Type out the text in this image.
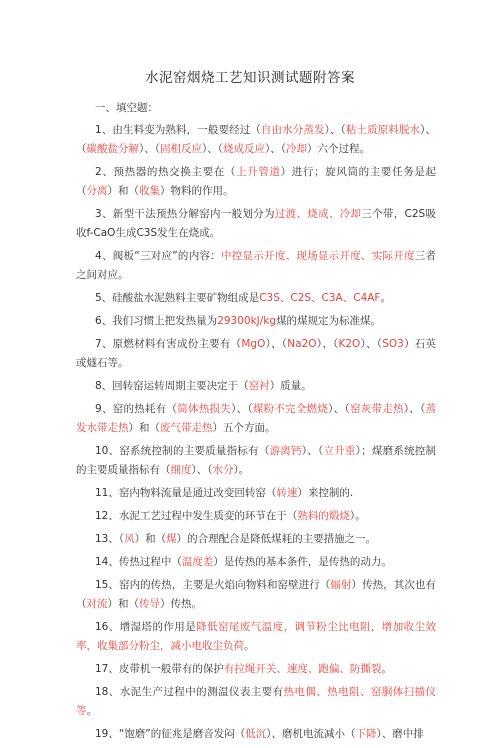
水泥窑烟烧工艺知识测试题附答案
一、填空题：

1、由生料变为熟料，一般要经过（自由水分蒸发）、（粘土质原料脱水）、（碳酸盐分解）、（固相反应）、（烧成反应）、（冷却）六个过程。

2、预热器的热交换主要在（上升管道）进行；旋风筒的主要任务是起（分离）和（收集）物料的作用。

3、新型干法预热分解窑内一般划分为过渡、烧成、冷却三个带，C2S吸收f-CaO生成C3S发生在烧成。

4、阀板“三对应”的内容：中控显示开度、现场显示开度、实际开度三者之间对应。

5、硅酸盐水泥熟料主要矿物组成是C3S、C2S、C3A、C4AF。

6、我们习惯上把发热量为29300kJ/kg煤的煤规定为标准煤。

7、原燃材料有害成份主要有（MgO）、（Na2O）、（K2O）、（SO3）石英或燧石等。

8、回转窑运转周期主要决定于（窑衬）质量。

9、窑的热耗有（筒体热损失）、（煤粉不完全燃烧）、（窑灰带走热）、（蒸发水带走热）和（废气带走热）五个方面。

10、窑系统控制的主要质量指标有（游离钙）、（立升重）；煤磨系统控制的主要质量指标有（细度）、（水分）。

11、窑内物料流量是通过改变回转窑（转速）来控制的.

12、水泥工艺过程中发生质变的环节在于（熟料的煅烧）。

13、（风）和（煤）的合理配合是降低煤耗的主要措施之一。

14、传热过程中（温度差）是传热的基本条件，是传热的动力。

15、窑内的传热，主要是火焰向物料和窑壁进行（辐射）传热，其次也有（对流）和（传导）传热。

16、增湿塔的作用是降低窑尾废气温度，调节粉尘比电阻，增加收尘效率，收集部分粉尘，减小电收尘负荷。

17、皮带机一般带有的保护有拉绳开关、速度、跑偏、防撕裂。

18、水泥生产过程中的测温仪表主要有热电偶、热电阻、窑胴体扫描仪等。

19、“饱磨”的征兆是磨音发闷（低沉）、磨机电流减小（下降）、磨中排
